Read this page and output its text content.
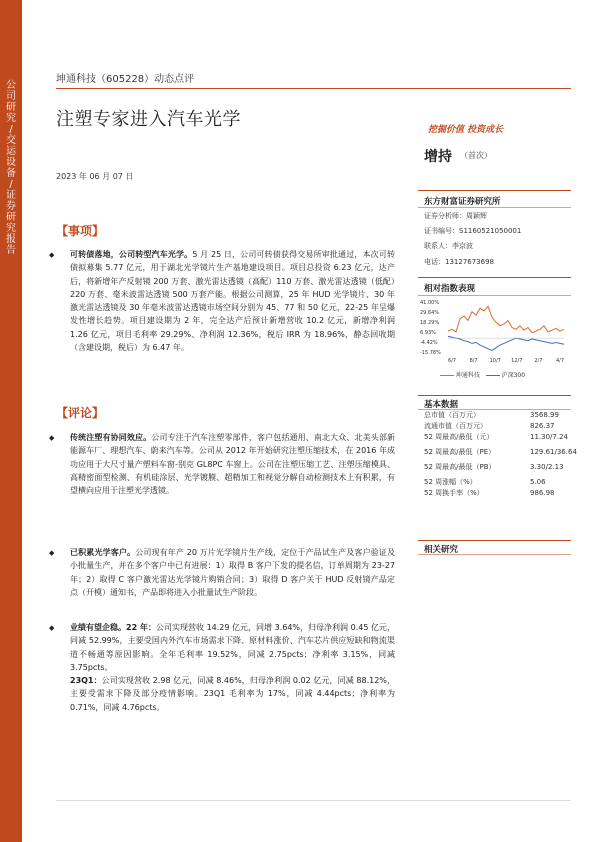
公司研究 / 交运设备 / 证券研究报告
坤通科技（605228）动态点评
注塑专家进入汽车光学	挖掘价值 投资成长
增持 （首次）
2023 年 06 月 07 日
【事项】
◆ 可转债落地，公司转型汽车光学。5 月 25 日，公司可转债获得交易所审批通过，本次可转债拟募集 5.77 亿元，用于湖北光学镜片生产基地建设项目。项目总投资 6.23 亿元，达产后，将新增年产反射镜 200 万套、激光雷达透镜（高配）110 万套、激光雷达透镜（低配）220 万套、毫米波雷达透镜 500 万套产能。根据公司测算，25 年 HUD 光学镜片、30 年激光雷达透镜及 30 年毫米波雷达透镜市场空间分别为 45、77 和 50 亿元，22-25 年呈爆发性增长趋势。项目建设期为 2 年，完全达产后预计新增营收 10.2 亿元，新增净利润 1.26 亿元，项目毛利率 29.29%、净利润 12.36%，税后 IRR 为 18.96%，静态回收期（含建设期，税后）为 6.47 年。
【评论】
◆ 传统注塑有协同效应。公司专注于汽车注塑零部件，客户包括通用、南北大众、北美头部新能源车厂、理想汽车、蔚来汽车等。公司从 2012 年开始研究注塑压缩技术，在 2016 年成功应用于大尺寸量产塑料车窗-别克 GL8PC 车窗上。公司在注塑压缩工艺、注塑压缩模具、高精密面型检测、有机硅涂层、光学镀膜、超精加工和视觉分解自动检测技术上有积累，有望横向应用于注塑光学透镜。
◆ 已积累光学客户。公司现有年产 20 万片光学镜片生产线，定位于产品试生产及客户验证及小批量生产，并在多个客户中已有进展：1）取得 B 客户下发的提名信，订单周期为 23-27 年；2）取得 C 客户激光雷达光学镜片购销合同；3）取得 D 客户关于 HUD 反射镜产品定点（开模）通知书，产品即将进入小批量试生产阶段。
◆ 业绩有望企稳。22 年：公司实现营收 14.29 亿元，同增 3.64%，归母净利润 0.45 亿元，同减 52.99%，主要受国内外汽车市场需求下降、原材料涨价、汽车芯片供应短缺和物流渠道不畅通等原因影响。全年毛利率 19.52%，同减 2.75pcts；净利率 3.15%，同减 3.75pcts。
23Q1：公司实现营收 2.98 亿元，同减 8.46%，归母净利润 0.02 亿元，同减 88.12%，主要受需求下降及部分疫情影响。23Q1 毛利率为 17%，同减 4.44pcts；净利率为 0.71%，同减 4.76pcts。
东方财富证券研究所
证券分析师：周颖辉
证书编号：S1160521050001
联系人：李京波
电话：13127673698
相对指数表现
41.00%
29.64%
18.29%
6.93%
-4.42%
-15.78%
6/7	8/7 10/7 12/7 2/7	4/7
坤通科技	沪深300
基本数据
总市值（百万元）	3568.99
流通市值（百万元）	826.37
52 周最高/最低（元）	11.30/7.24
52 周最高/最低（PE）	129.61/36.64
52 周最高/最低（PB）	3.30/2.13
52 周涨幅（%）	5.06
52 周换手率（%）	986.98
相关研究
